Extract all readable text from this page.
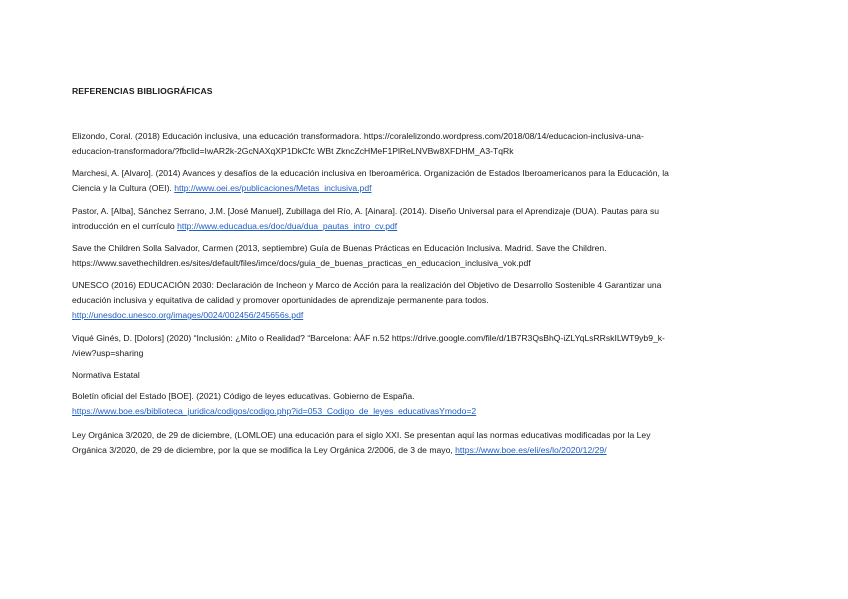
REFERENCIAS BIBLIOGRÁFICAS

Elizondo, Coral. (2018) Educación inclusiva, una educación transformadora. https://coralelizondo.wordpress.com/2018/08/14/educacion-inclusiva-una-
educacion-transformadora/?fbclid=IwAR2k-2GcNAXqXP1DkCfc WBt ZkncZcHMeF1PlReLNVBw8XFDHM_A3-TqRk

Marchesi, A. [Alvaro]. (2014) Avances y desafíos de la educación inclusiva en Iberoamérica. Organización de Estados Iberoamericanos para la Educación, la
Ciencia y la Cultura (OEI). http://www.oei.es/publicaciones/Metas_inclusiva.pdf

Pastor, A. [Alba], Sánchez Serrano, J.M. [José Manuel], Zubillaga del Río, A. [Ainara]. (2014). Diseño Universal para el Aprendizaje (DUA). Pautas para su
introducción en el currículo http://www.educadua.es/doc/dua/dua_pautas_intro_cv.pdf

Save the Children Solla Salvador, Carmen (2013, septiembre) Guía de Buenas Prácticas en Educación Inclusiva. Madrid. Save the Children.
https://www.savethechildren.es/sites/default/files/imce/docs/guia_de_buenas_practicas_en_educacion_inclusiva_vok.pdf

UNESCO (2016) EDUCACIÓN 2030: Declaración de Incheon y Marco de Acción para la realización del Objetivo de Desarrollo Sostenible 4 Garantizar una
educación inclusiva y equitativa de calidad y promover oportunidades de aprendizaje permanente para todos.
http://unesdoc.unesco.org/images/0024/002456/245656s.pdf

Viqué Ginés, D. [Dolors] (2020) “Inclusión: ¿Mito o Realidad? “Barcelona: ÀÁF n.52 https://drive.google.com/file/d/1B7R3QsBhQ-iZLYqLsRRskILWT9yb9_k-
/view?usp=sharing

Normativa Estatal

Boletín oficial del Estado [BOE]. (2021) Código de leyes educativas. Gobierno de España.
https://www.boe.es/biblioteca_juridica/codigos/codigo.php?id=053_Codigo_de_leyes_educativasYmodo=2

Ley Orgánica 3/2020, de 29 de diciembre, (LOMLOE) una educación para el siglo XXI. Se presentan aquí las normas educativas modificadas por la Ley
Orgánica 3/2020, de 29 de diciembre, por la que se modifica la Ley Orgánica 2/2006, de 3 de mayo, https://www.boe.es/eli/es/lo/2020/12/29/
